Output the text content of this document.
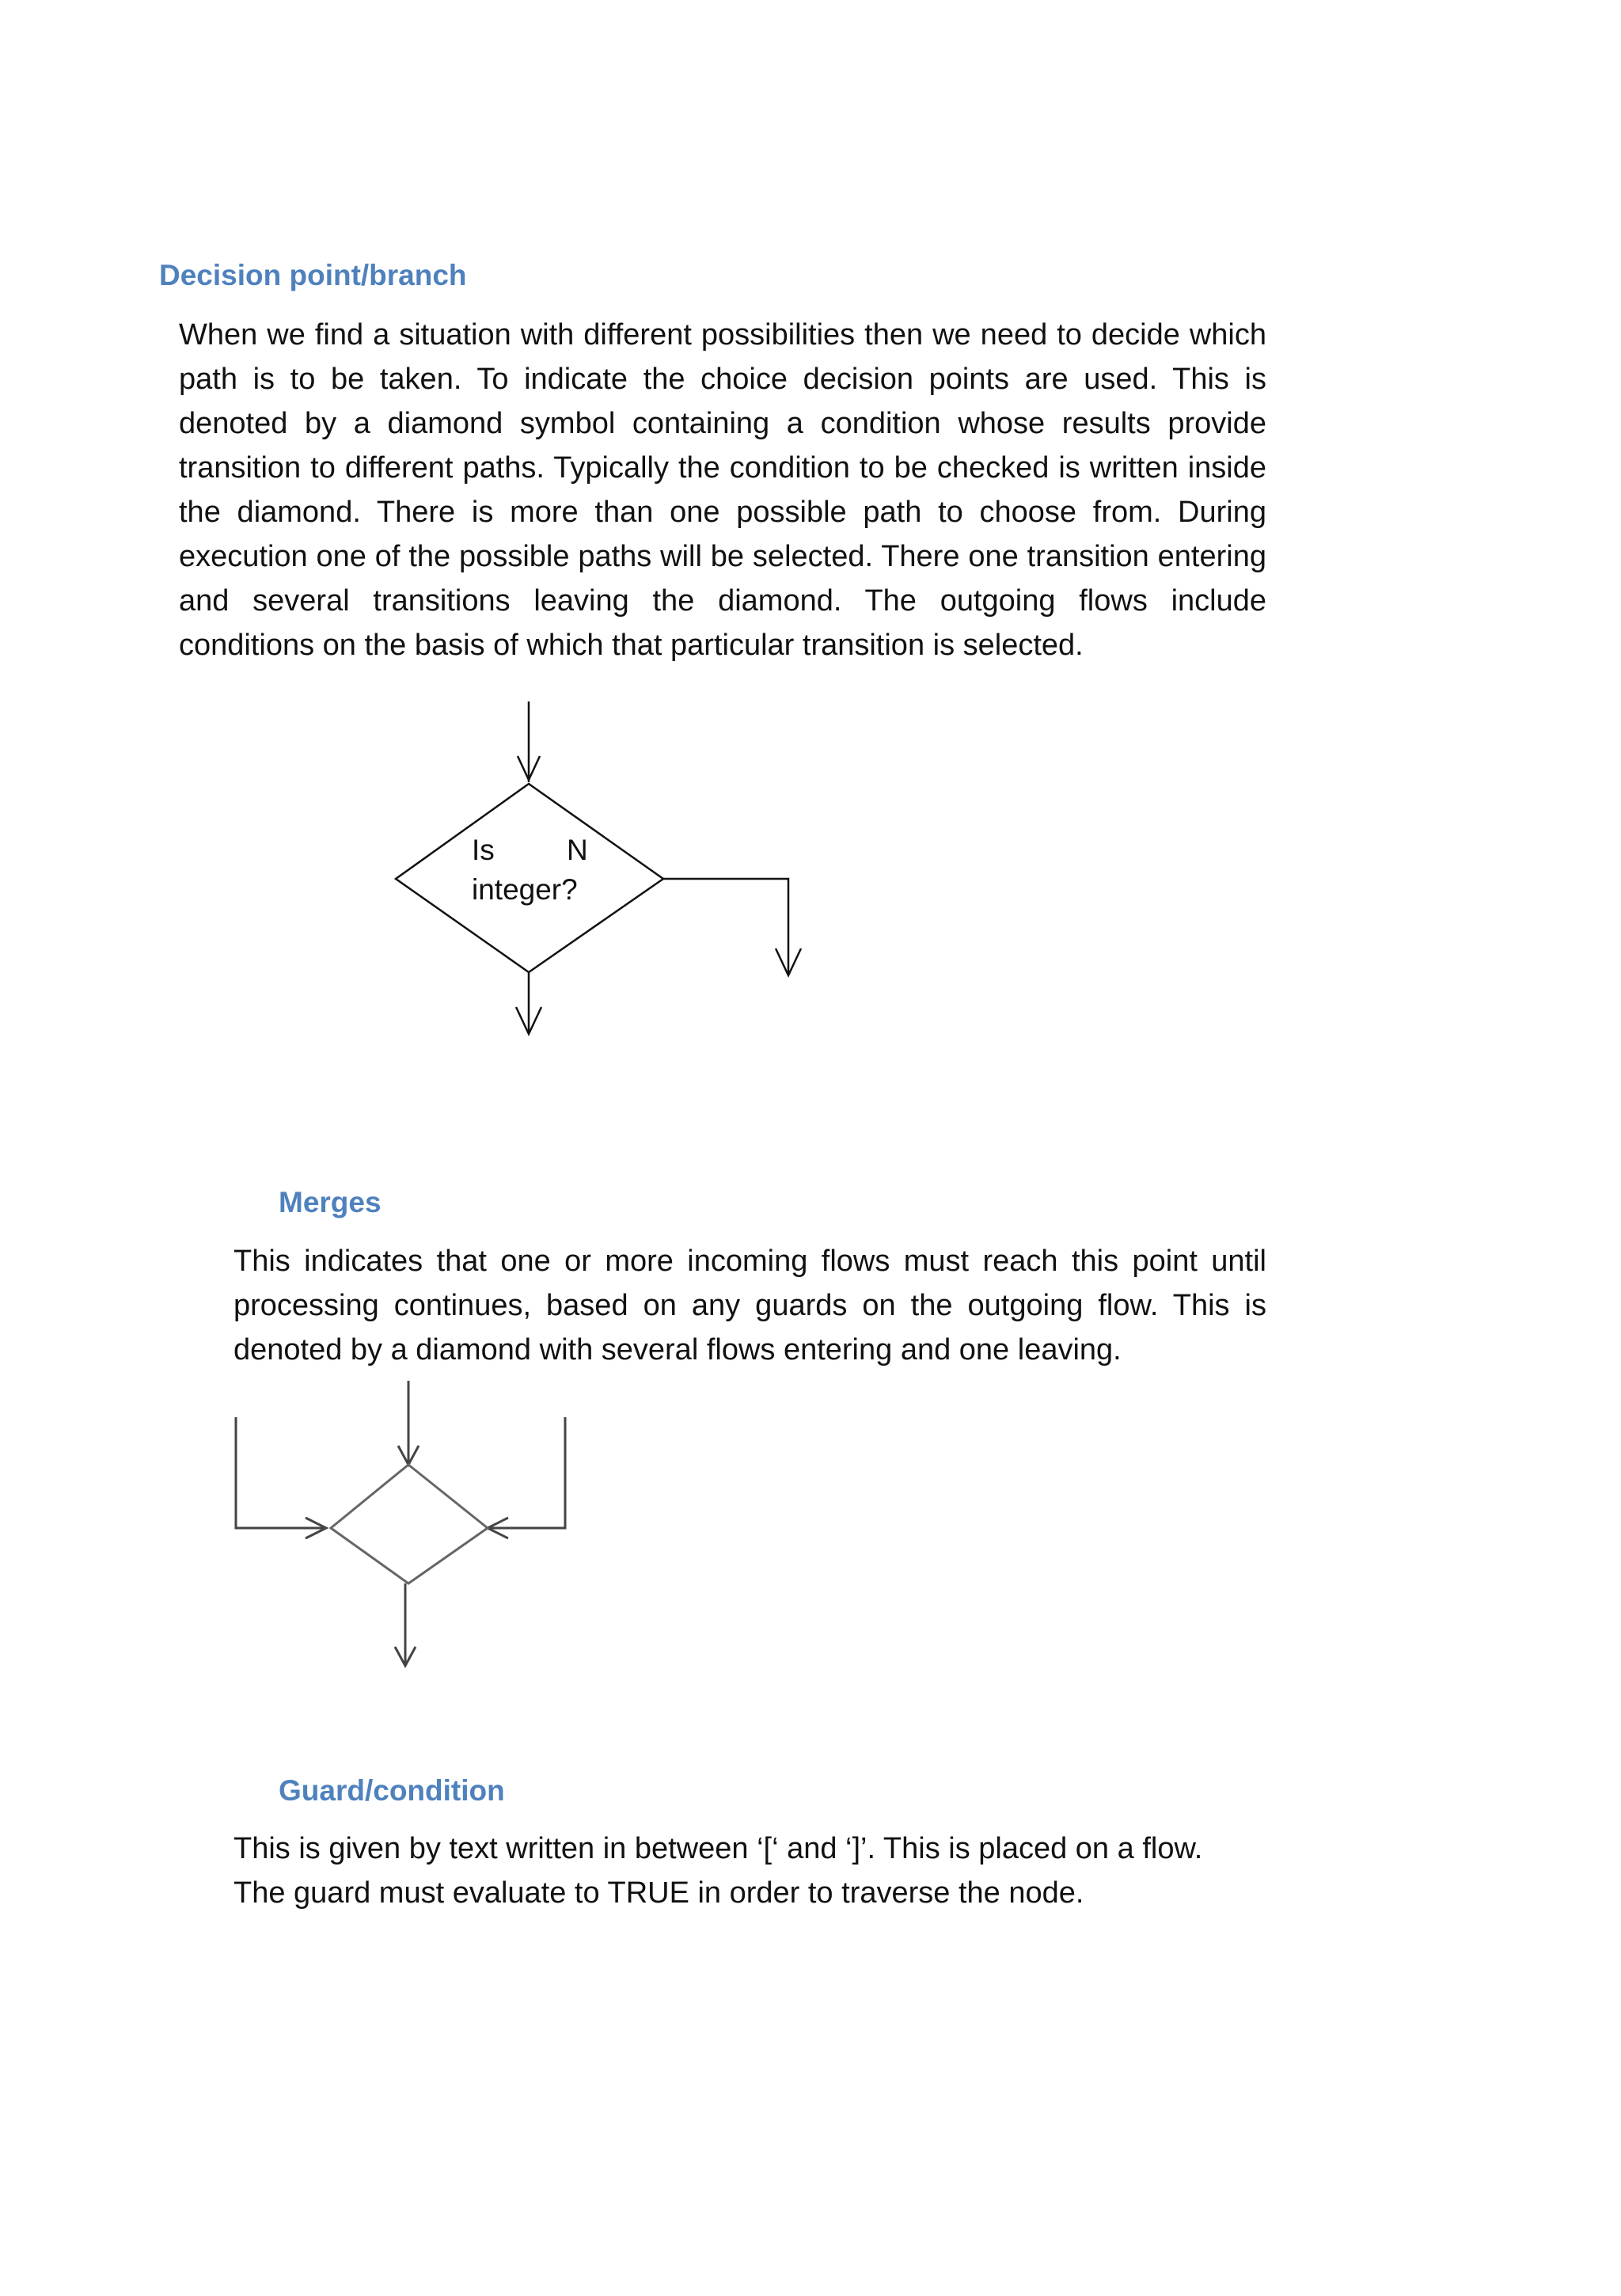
Decision point/branch

When we find a situation with different possibilities then we need to decide which path is to be taken. To indicate the choice decision points are used. This is denoted by a diamond symbol containing a condition whose results provide transition to different paths. Typically the condition to be checked is written inside the diamond. There is more than one possible path to choose from. During execution one of the possible paths will be selected. There one transition entering and several transitions leaving the diamond. The outgoing flows include conditions on the basis of which that particular transition is selected.

Is N
integer?
Merges

This indicates that one or more incoming flows must reach this point until processing continues, based on any guards on the outgoing flow. This is denoted by a diamond with several flows entering and one leaving.

Guard/condition
This is given by text written in between ‘[‘ and ‘]’. This is placed on a flow.
The guard must evaluate to TRUE in order to traverse the node.
